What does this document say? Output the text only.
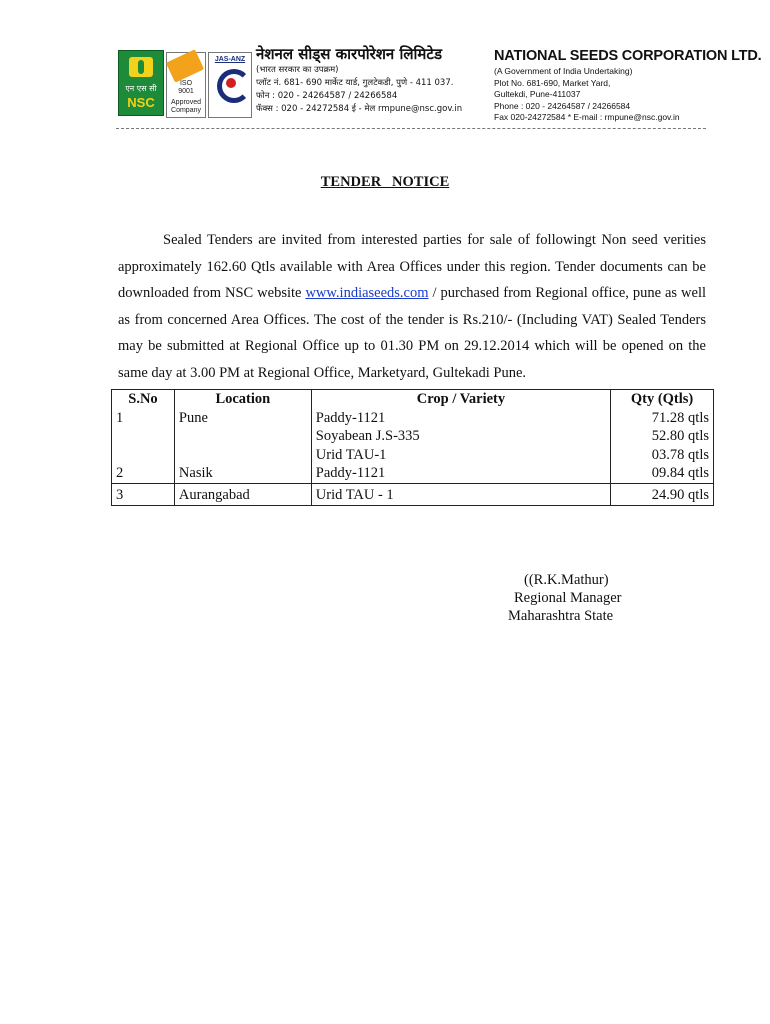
एन एस सी
NSC
ISO
9001
Approved
Company
JAS-ANZ नेशनल सीड्स कारपोरेशन लिमिटेड
(भारत सरकार का उपक्रम)
प्लॉट नं. 681- 690 मार्केट यार्ड, गुलटेकडी, पुणे - 411 037.
फोन : 020 - 24264587 / 24266584
फॅक्स : 020 - 24272584 ई - मेल rmpune@nsc.gov.in
NATIONAL SEEDS CORPORATION LTD.
(A Government of India Undertaking)
Plot No. 681-690, Market Yard,
Gultekdi, Pune-411037
Phone : 020 - 24264587 / 24266584
Fax 020-24272584 * E-mail : rmpune@nsc.gov.in
TENDER   NOTICE
Sealed Tenders are invited from interested parties for sale of followingt Non seed verities approximately 162.60 Qtls available with Area Offices under this region. Tender documents can be downloaded from NSC website www.indiaseeds.com / purchased from Regional office, pune as well as from concerned Area Offices. The cost of the tender is Rs.210/- (Including VAT) Sealed Tenders may be submitted at Regional Office up to 01.30 PM on 29.12.2014 which will be opened on the same day at 3.00 PM at Regional Office, Marketyard, Gultekadi Pune.
S.No	Location	Crop / Variety	Qty (Qtls)
1	Pune	Paddy-1121	71.28 qtls
		Soyabean J.S-335	52.80 qtls
		Urid TAU-1	03.78 qtls
2	Nasik	Paddy-1121	09.84 qtls
3	Aurangabad	Urid TAU - 1	24.90 qtls
((R.K.Mathur)
Regional Manager
Maharashtra State
